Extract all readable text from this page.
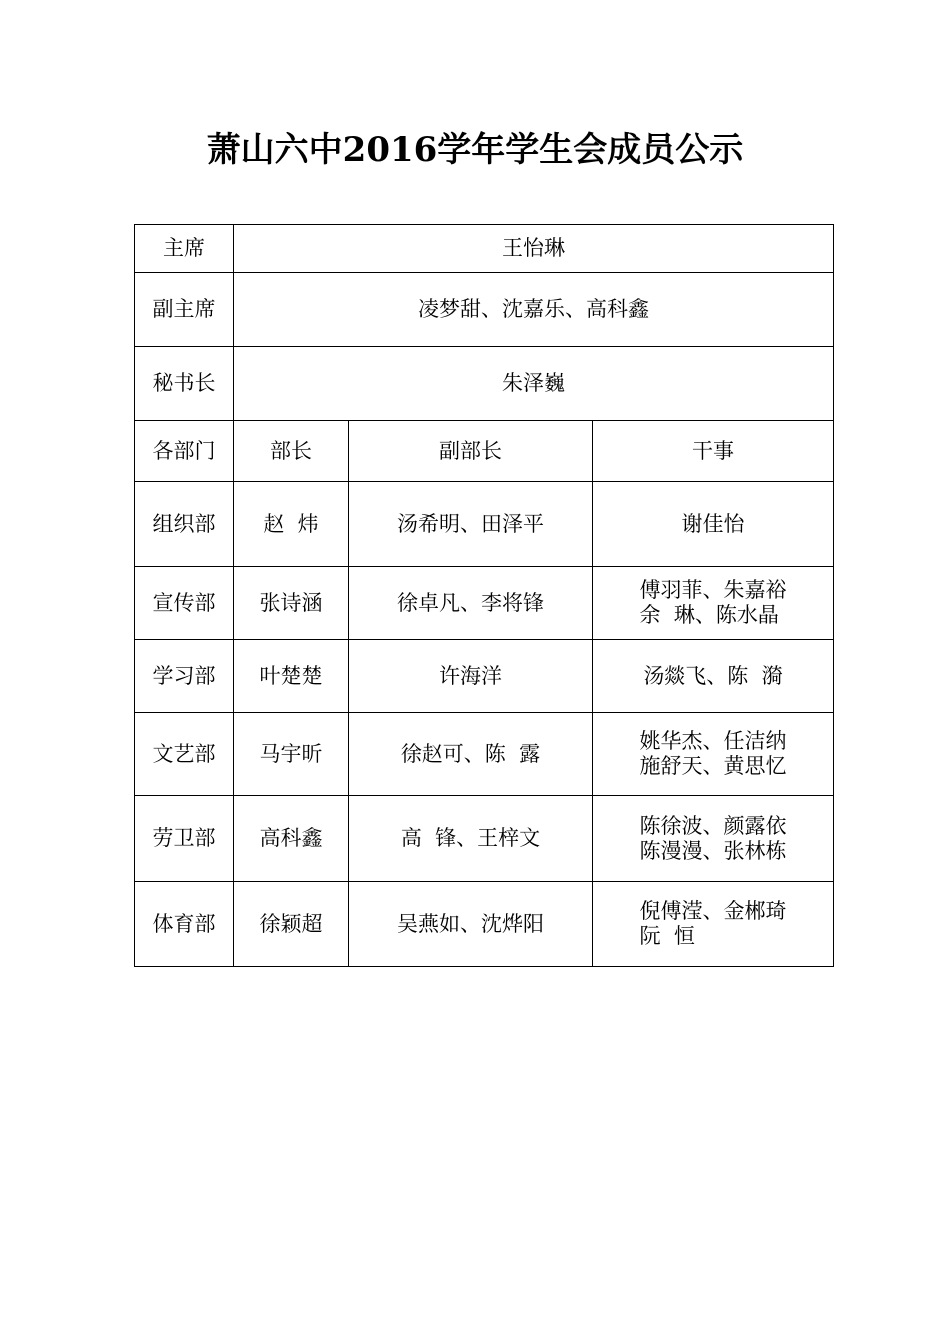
萧山六中2016学年学生会成员公示
主席	王怡琳		
副主席	凌梦甜、沈嘉乐、高科鑫		
秘书长	朱泽巍		
各部门	部长	副部长	干事
组织部	赵  炜	汤希明、田泽平	谢佳怡

宣传部	张诗涵	徐卓凡、李将锋	傅羽菲、朱嘉裕
余  琳、陈水晶

学习部	叶楚楚	许海洋	汤燚飞、陈  漪

文艺部	马宇昕	徐赵可、陈  露	姚华杰、任洁纳
施舒天、黄思忆

劳卫部	高科鑫	高  锋、王梓文	陈徐波、颜露依
陈漫漫、张林栋

体育部	徐颖超	吴燕如、沈烨阳	倪傅滢、金郴琦
阮  恒
